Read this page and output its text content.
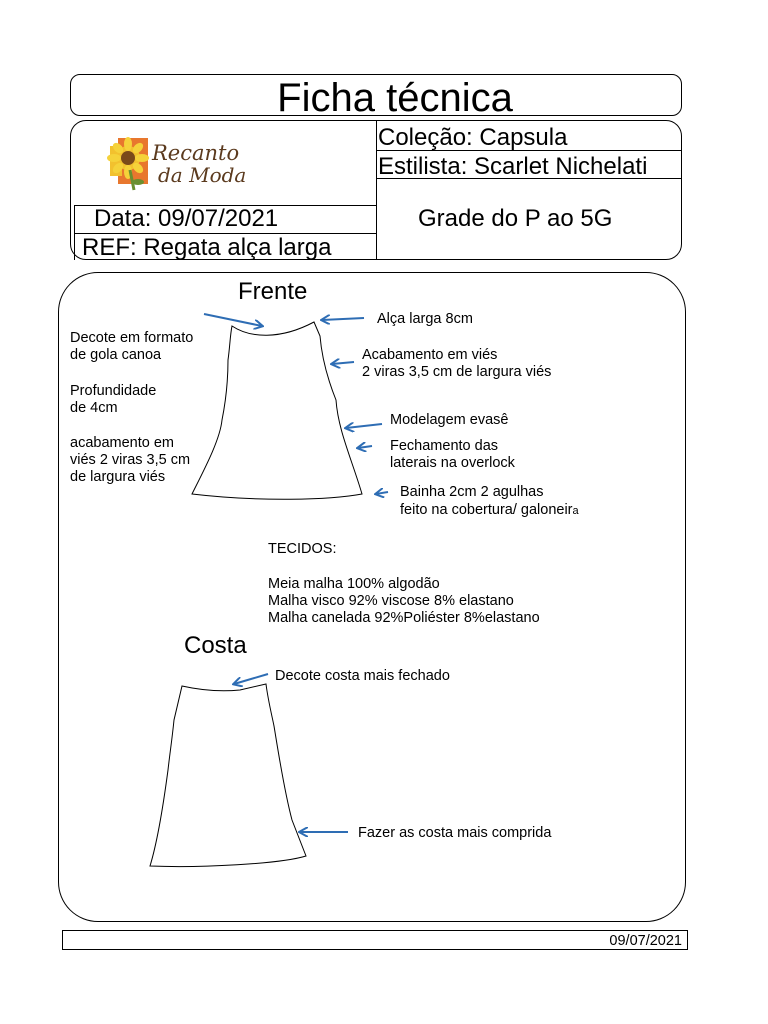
Ficha técnica
Recanto
da Moda
Coleção: Capsula
Estilista: Scarlet Nichelati
Data: 09/07/2021	Grade do P ao 5G
REF: Regata alça larga
Frente
Decote em formato
de gola canoa
Profundidade
de 4cm
acabamento em
viés 2 viras 3,5 cm
de largura viés
Alça larga 8cm
Acabamento em viés
2 viras 3,5 cm de largura viés
Modelagem evasê
Fechamento das
laterais na overlock
Bainha 2cm 2 agulhas
feito na cobertura/ galoneira
TECIDOS:
Meia malha 100% algodão
Malha visco 92% viscose 8% elastano
Malha canelada 92%Poliéster 8%elastano
Costa
Decote costa mais fechado
Fazer as costa mais comprida
09/07/2021
